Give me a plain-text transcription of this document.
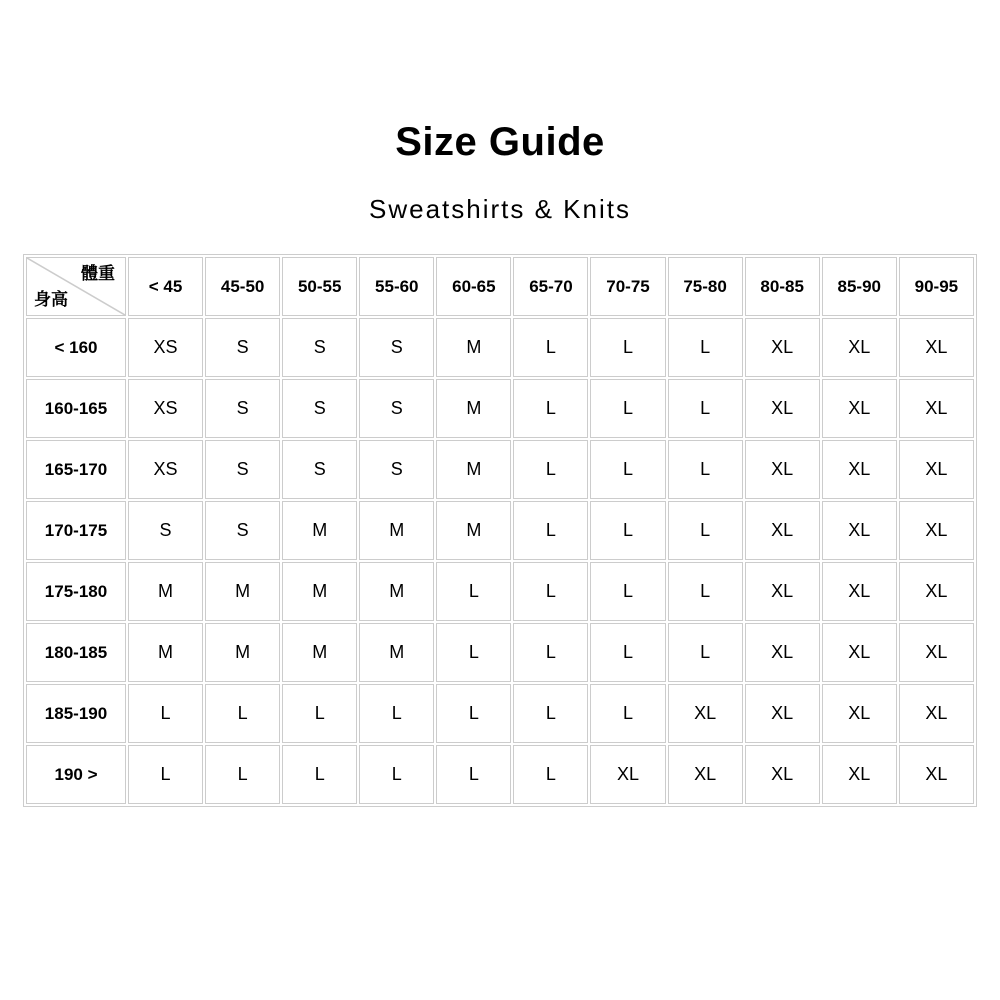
Size Guide
Sweatshirts & Knits
體重
身高	< 45	45-50	50-55	55-60	60-65	65-70	70-75	75-80	80-85	85-90	90-95
< 160	XS	S	S	S	M	L	L	L	XL	XL	XL
160-165	XS	S	S	S	M	L	L	L	XL	XL	XL
165-170	XS	S	S	S	M	L	L	L	XL	XL	XL
170-175	S	S	M	M	M	L	L	L	XL	XL	XL
175-180	M	M	M	M	L	L	L	L	XL	XL	XL
180-185	M	M	M	M	L	L	L	L	XL	XL	XL
185-190	L	L	L	L	L	L	L	XL	XL	XL	XL
190 >	L	L	L	L	L	L	XL	XL	XL	XL	XL
